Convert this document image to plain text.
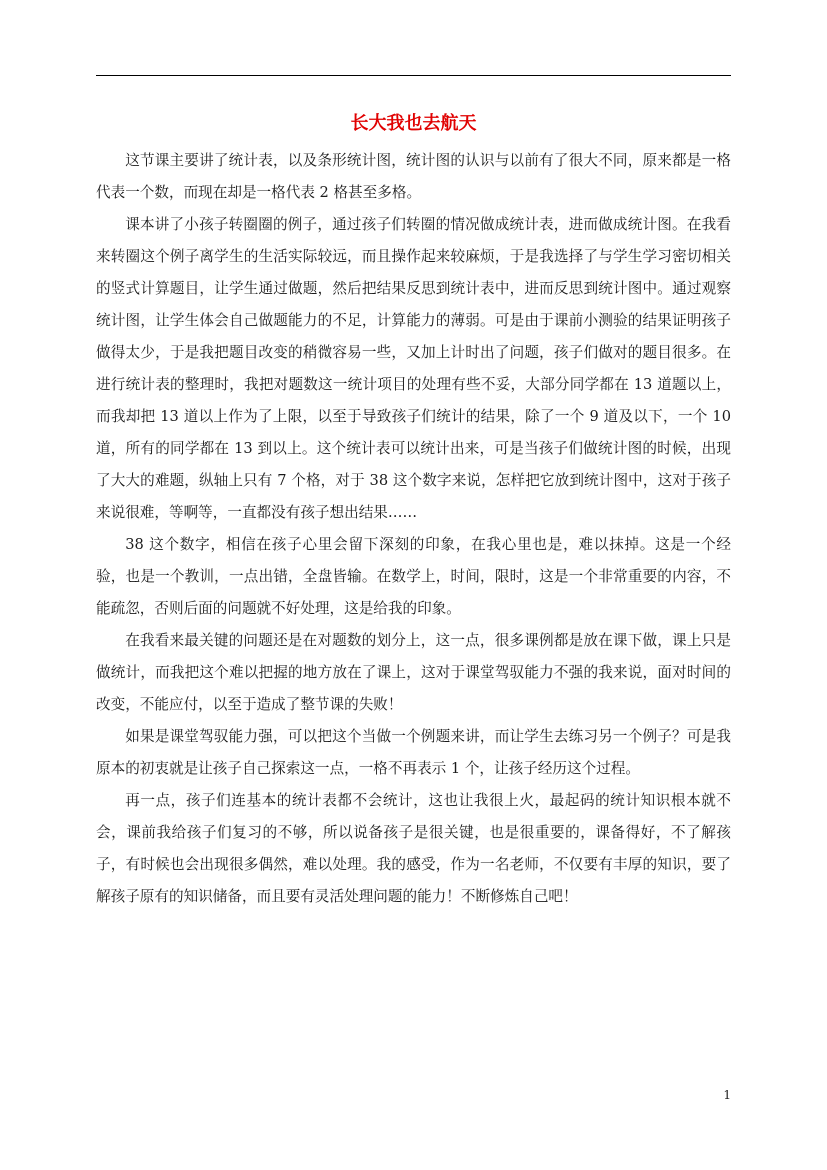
长大我也去航天

这节课主要讲了统计表，以及条形统计图，统计图的认识与以前有了很大不同，原来都是一格代表一个数，而现在却是一格代表 2 格甚至多格。

课本讲了小孩子转圈圈的例子，通过孩子们转圈的情况做成统计表，进而做成统计图。在我看来转圈这个例子离学生的生活实际较远，而且操作起来较麻烦，于是我选择了与学生学习密切相关的竖式计算题目，让学生通过做题，然后把结果反思到统计表中，进而反思到统计图中。通过观察统计图，让学生体会自己做题能力的不足，计算能力的薄弱。可是由于课前小测验的结果证明孩子做得太少，于是我把题目改变的稍微容易一些，又加上计时出了问题，孩子们做对的题目很多。在进行统计表的整理时，我把对题数这一统计项目的处理有些不妥，大部分同学都在 13 道题以上，而我却把 13 道以上作为了上限，以至于导致孩子们统计的结果，除了一个 9 道及以下，一个 10 道，所有的同学都在 13 到以上。这个统计表可以统计出来，可是当孩子们做统计图的时候，出现了大大的难题，纵轴上只有 7 个格，对于 38 这个数字来说，怎样把它放到统计图中，这对于孩子来说很难，等啊等，一直都没有孩子想出结果……

38 这个数字，相信在孩子心里会留下深刻的印象，在我心里也是，难以抹掉。这是一个经验，也是一个教训，一点出错，全盘皆输。在数学上，时间，限时，这是一个非常重要的内容，不能疏忽，否则后面的问题就不好处理，这是给我的印象。

在我看来最关键的问题还是在对题数的划分上，这一点，很多课例都是放在课下做，课上只是做统计，而我把这个难以把握的地方放在了课上，这对于课堂驾驭能力不强的我来说，面对时间的改变，不能应付，以至于造成了整节课的失败！

如果是课堂驾驭能力强，可以把这个当做一个例题来讲，而让学生去练习另一个例子？可是我原本的初衷就是让孩子自己探索这一点，一格不再表示 1 个，让孩子经历这个过程。

再一点，孩子们连基本的统计表都不会统计，这也让我很上火，最起码的统计知识根本就不会，课前我给孩子们复习的不够，所以说备孩子是很关键，也是很重要的，课备得好，不了解孩子，有时候也会出现很多偶然，难以处理。我的感受，作为一名老师，不仅要有丰厚的知识，要了解孩子原有的知识储备，而且要有灵活处理问题的能力！不断修炼自己吧！

1
